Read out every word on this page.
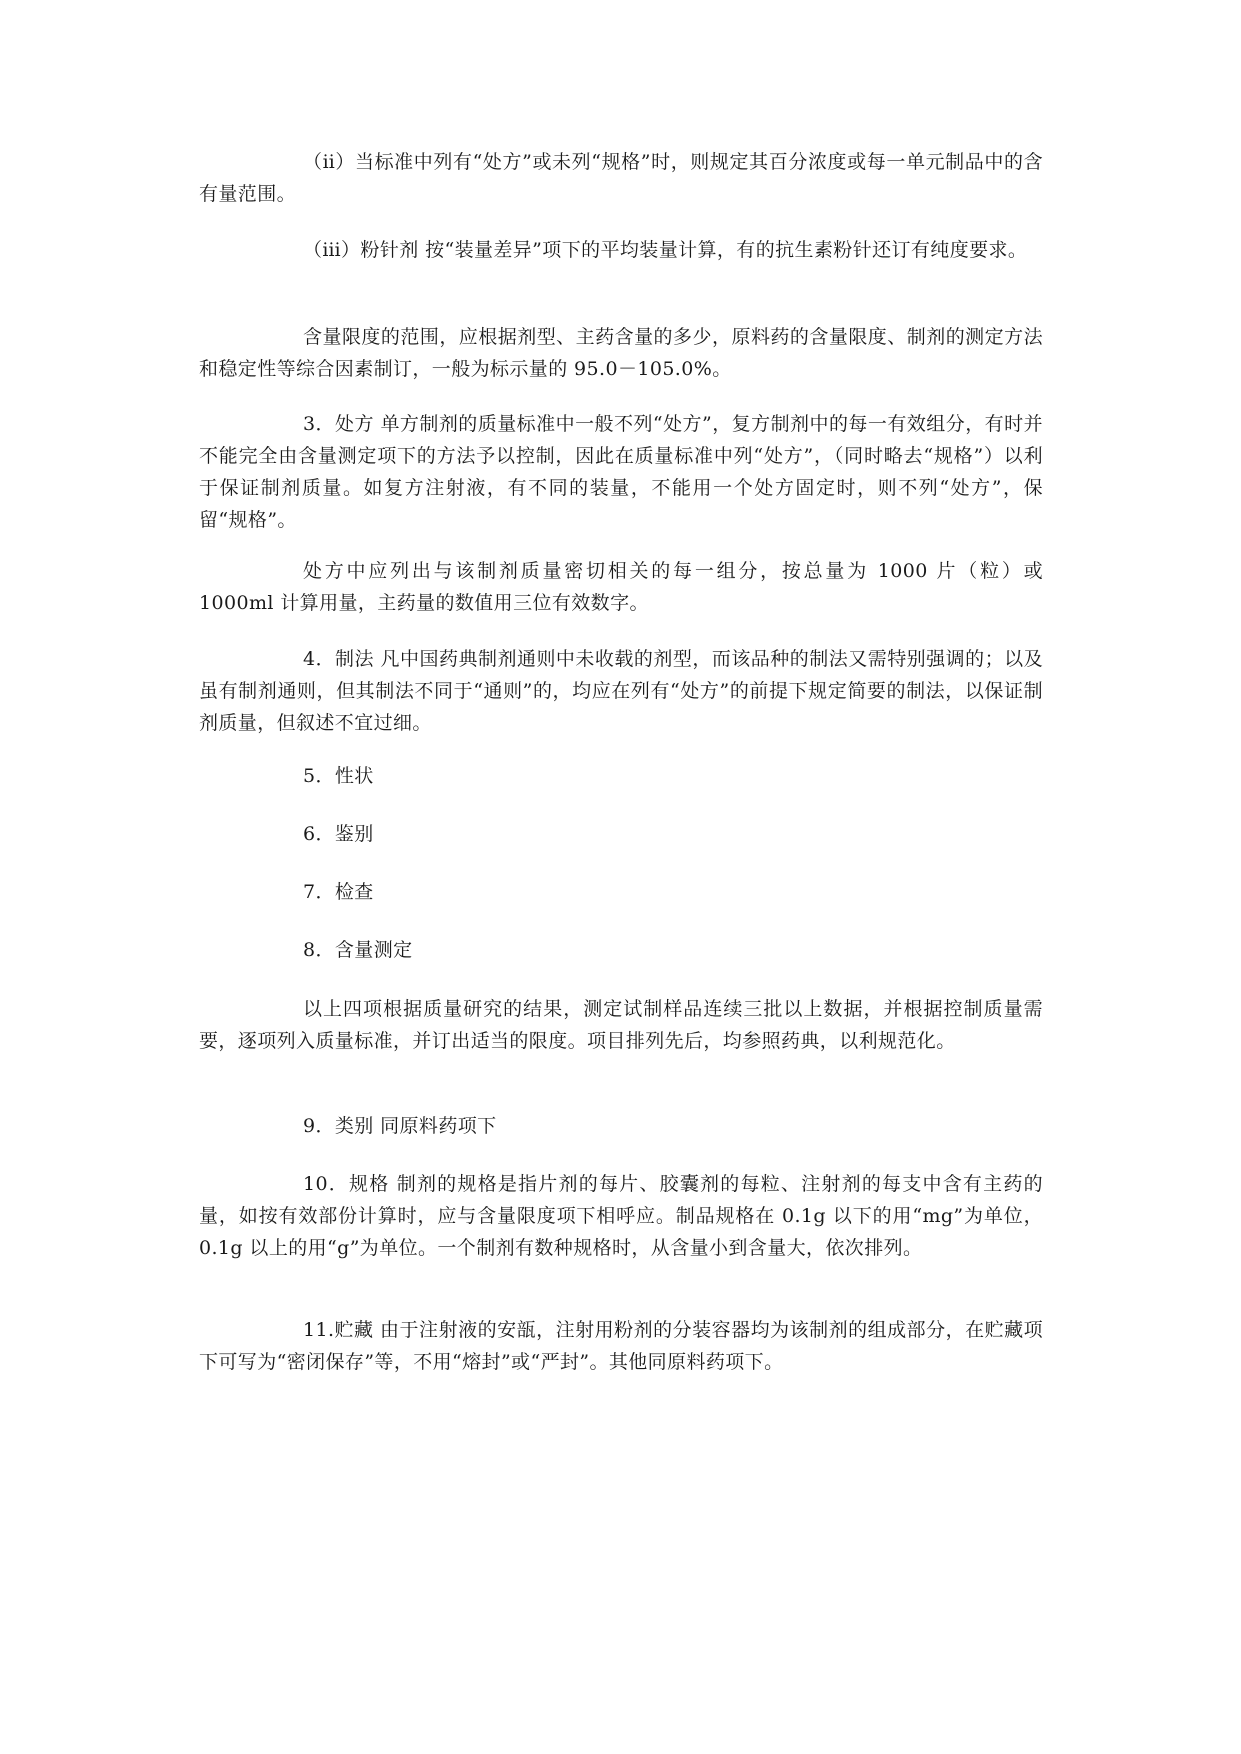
（ⅱ）当标准中列有“处方”或未列“规格”时，则规定其百分浓度或每一单元制品中的含有量范围。

（ⅲ）粉针剂 按“装量差异”项下的平均装量计算，有的抗生素粉针还订有纯度要求。

含量限度的范围，应根据剂型、主药含量的多少，原料药的含量限度、制剂的测定方法和稳定性等综合因素制订，一般为标示量的 95.0－105.0%。

3．处方 单方制剂的质量标准中一般不列“处方”，复方制剂中的每一有效组分，有时并不能完全由含量测定项下的方法予以控制，因此在质量标准中列“处方”，（同时略去“规格”）以利于保证制剂质量。如复方注射液，有不同的装量，不能用一个处方固定时，则不列“处方”，保留“规格”。

处方中应列出与该制剂质量密切相关的每一组分，按总量为 1000 片（粒）或 1000ml 计算用量，主药量的数值用三位有效数字。

4．制法 凡中国药典制剂通则中未收载的剂型，而该品种的制法又需特别强调的；以及虽有制剂通则，但其制法不同于“通则”的，均应在列有“处方”的前提下规定简要的制法，以保证制剂质量，但叙述不宜过细。

5．性状

6．鉴别

7．检查

8．含量测定

以上四项根据质量研究的结果，测定试制样品连续三批以上数据，并根据控制质量需要，逐项列入质量标准，并订出适当的限度。项目排列先后，均参照药典，以利规范化。

9．类别 同原料药项下

10．规格 制剂的规格是指片剂的每片、胶囊剂的每粒、注射剂的每支中含有主药的量，如按有效部份计算时，应与含量限度项下相呼应。制品规格在 0.1g 以下的用“mg”为单位，0.1g 以上的用“g”为单位。一个制剂有数种规格时，从含量小到含量大，依次排列。

11.贮藏 由于注射液的安瓿，注射用粉剂的分装容器均为该制剂的组成部分，在贮藏项下可写为“密闭保存”等，不用“熔封”或“严封”。其他同原料药项下。
